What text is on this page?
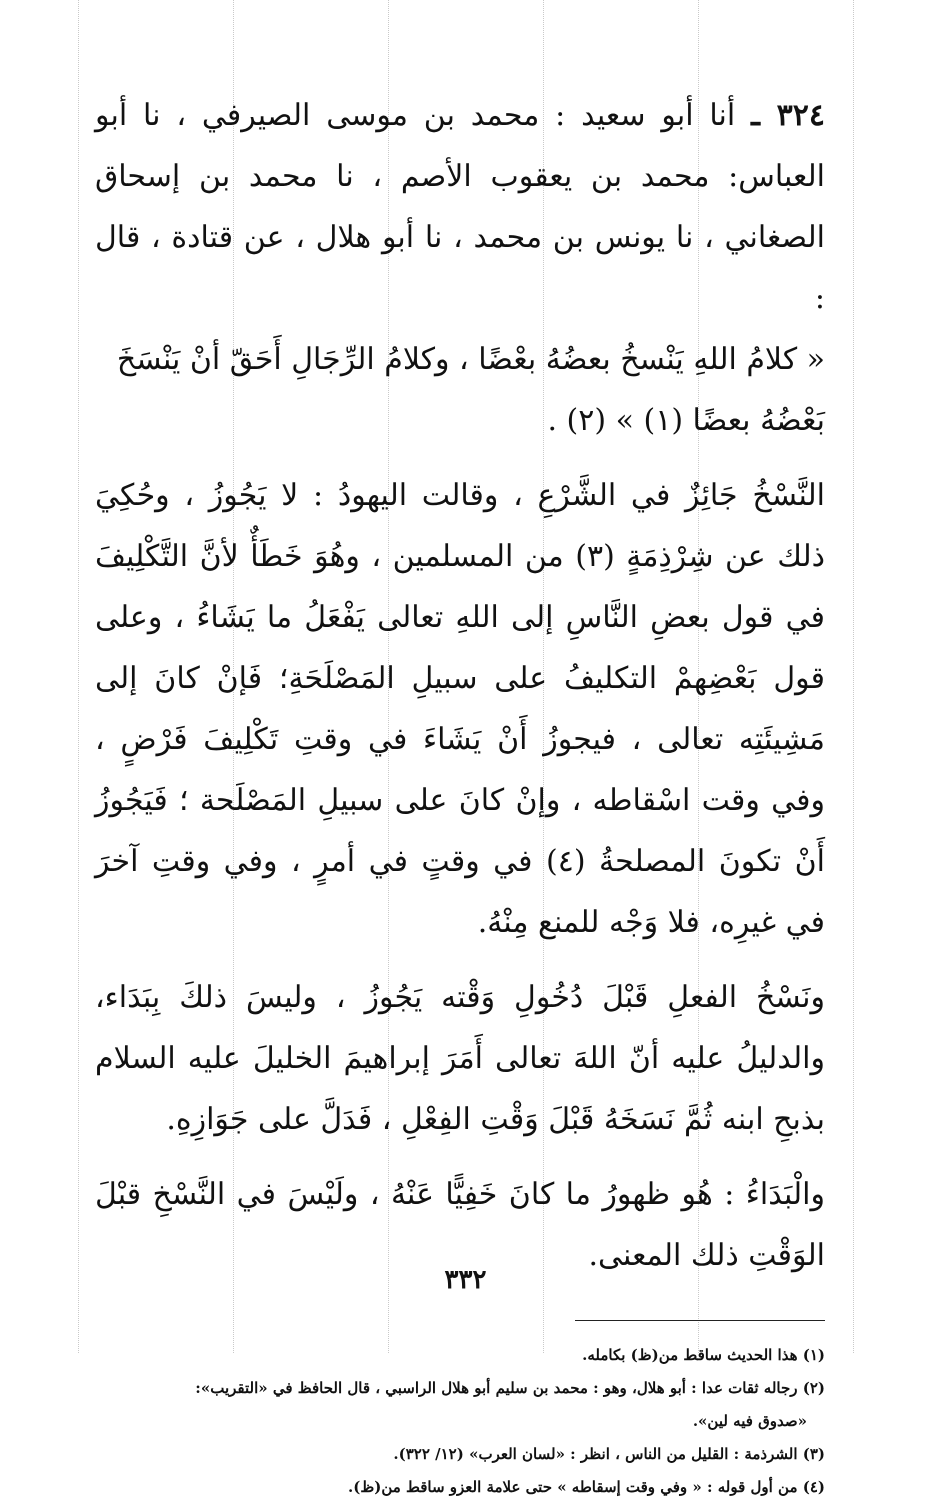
٣٢٤ ـ أنا أبو سعيد : محمد بن موسى الصيرفي ، نا أبو العباس: محمد بن يعقوب الأصم ، نا محمد بن إسحاق الصغاني ، نا يونس بن محمد ، نا أبو هلال ، عن قتادة ، قال :

« كلامُ اللهِ يَنْسخُ بعضُهُ بعْضًا ، وكلامُ الرِّجَالِ أَحَقّ أنْ يَنْسَخَ بَعْضُهُ بعضًا (١) » (٢) .

النَّسْخُ جَائِزٌ في الشَّرْعِ ، وقالت اليهودُ : لا يَجُوزُ ، وحُكِيَ ذلك عن شِرْذِمَةٍ (٣) من المسلمين ، وهُوَ خَطَأٌ لأنَّ التَّكْلِيفَ في قول بعضِ النَّاسِ إلى اللهِ تعالى يَفْعَلُ ما يَشَاءُ ، وعلى قول بَعْضِهمْ التكليفُ على سبيلِ المَصْلَحَةِ؛ فَإنْ كانَ إلى مَشِيئَتِه تعالى ، فيجوزُ أَنْ يَشَاءَ في وقتِ تَكْلِيفَ فَرْضٍ ، وفي وقت اسْقاطه ، وإنْ كانَ على سبيلِ المَصْلَحة ؛ فَيَجُوزُ أَنْ تكونَ المصلحةُ (٤) في وقتٍ في أمرٍ ، وفي وقتِ آخرَ في غيرِه، فلا وَجْه للمنع مِنْهُ.

ونَسْخُ الفعلِ قَبْلَ دُخُولِ وَقْته يَجُوزُ ، وليسَ ذلكَ بِبَدَاء، والدليلُ عليه أنّ اللهَ تعالى أَمَرَ إبراهيمَ الخليلَ عليه السلام بذبحِ ابنه ثُمَّ نَسَخَهُ قَبْلَ وَقْتِ الفِعْلِ ، فَدَلَّ على جَوَازِهِ.

والْبَدَاءُ : هُو ظهورُ ما كانَ خَفِيًّا عَنْهُ ، ولَيْسَ في النَّسْخِ قبْلَ الوَقْتِ ذلك المعنى.

(١) هذا الحديث ساقط من(ظ) بكامله.

(٢) رجاله ثقات عدا : أبو هلال، وهو : محمد بن سليم أبو هلال الراسبي ، قال الحافظ في «التقريب»:

«صدوق فيه لين».

(٣) الشرذمة : القليل من الناس ، انظر : «لسان العرب» (١٢/ ٣٢٢).

(٤) من أول قوله : « وفي وقت إسقاطه » حتى علامة العزو ساقط من(ظ).

٣٣٢
